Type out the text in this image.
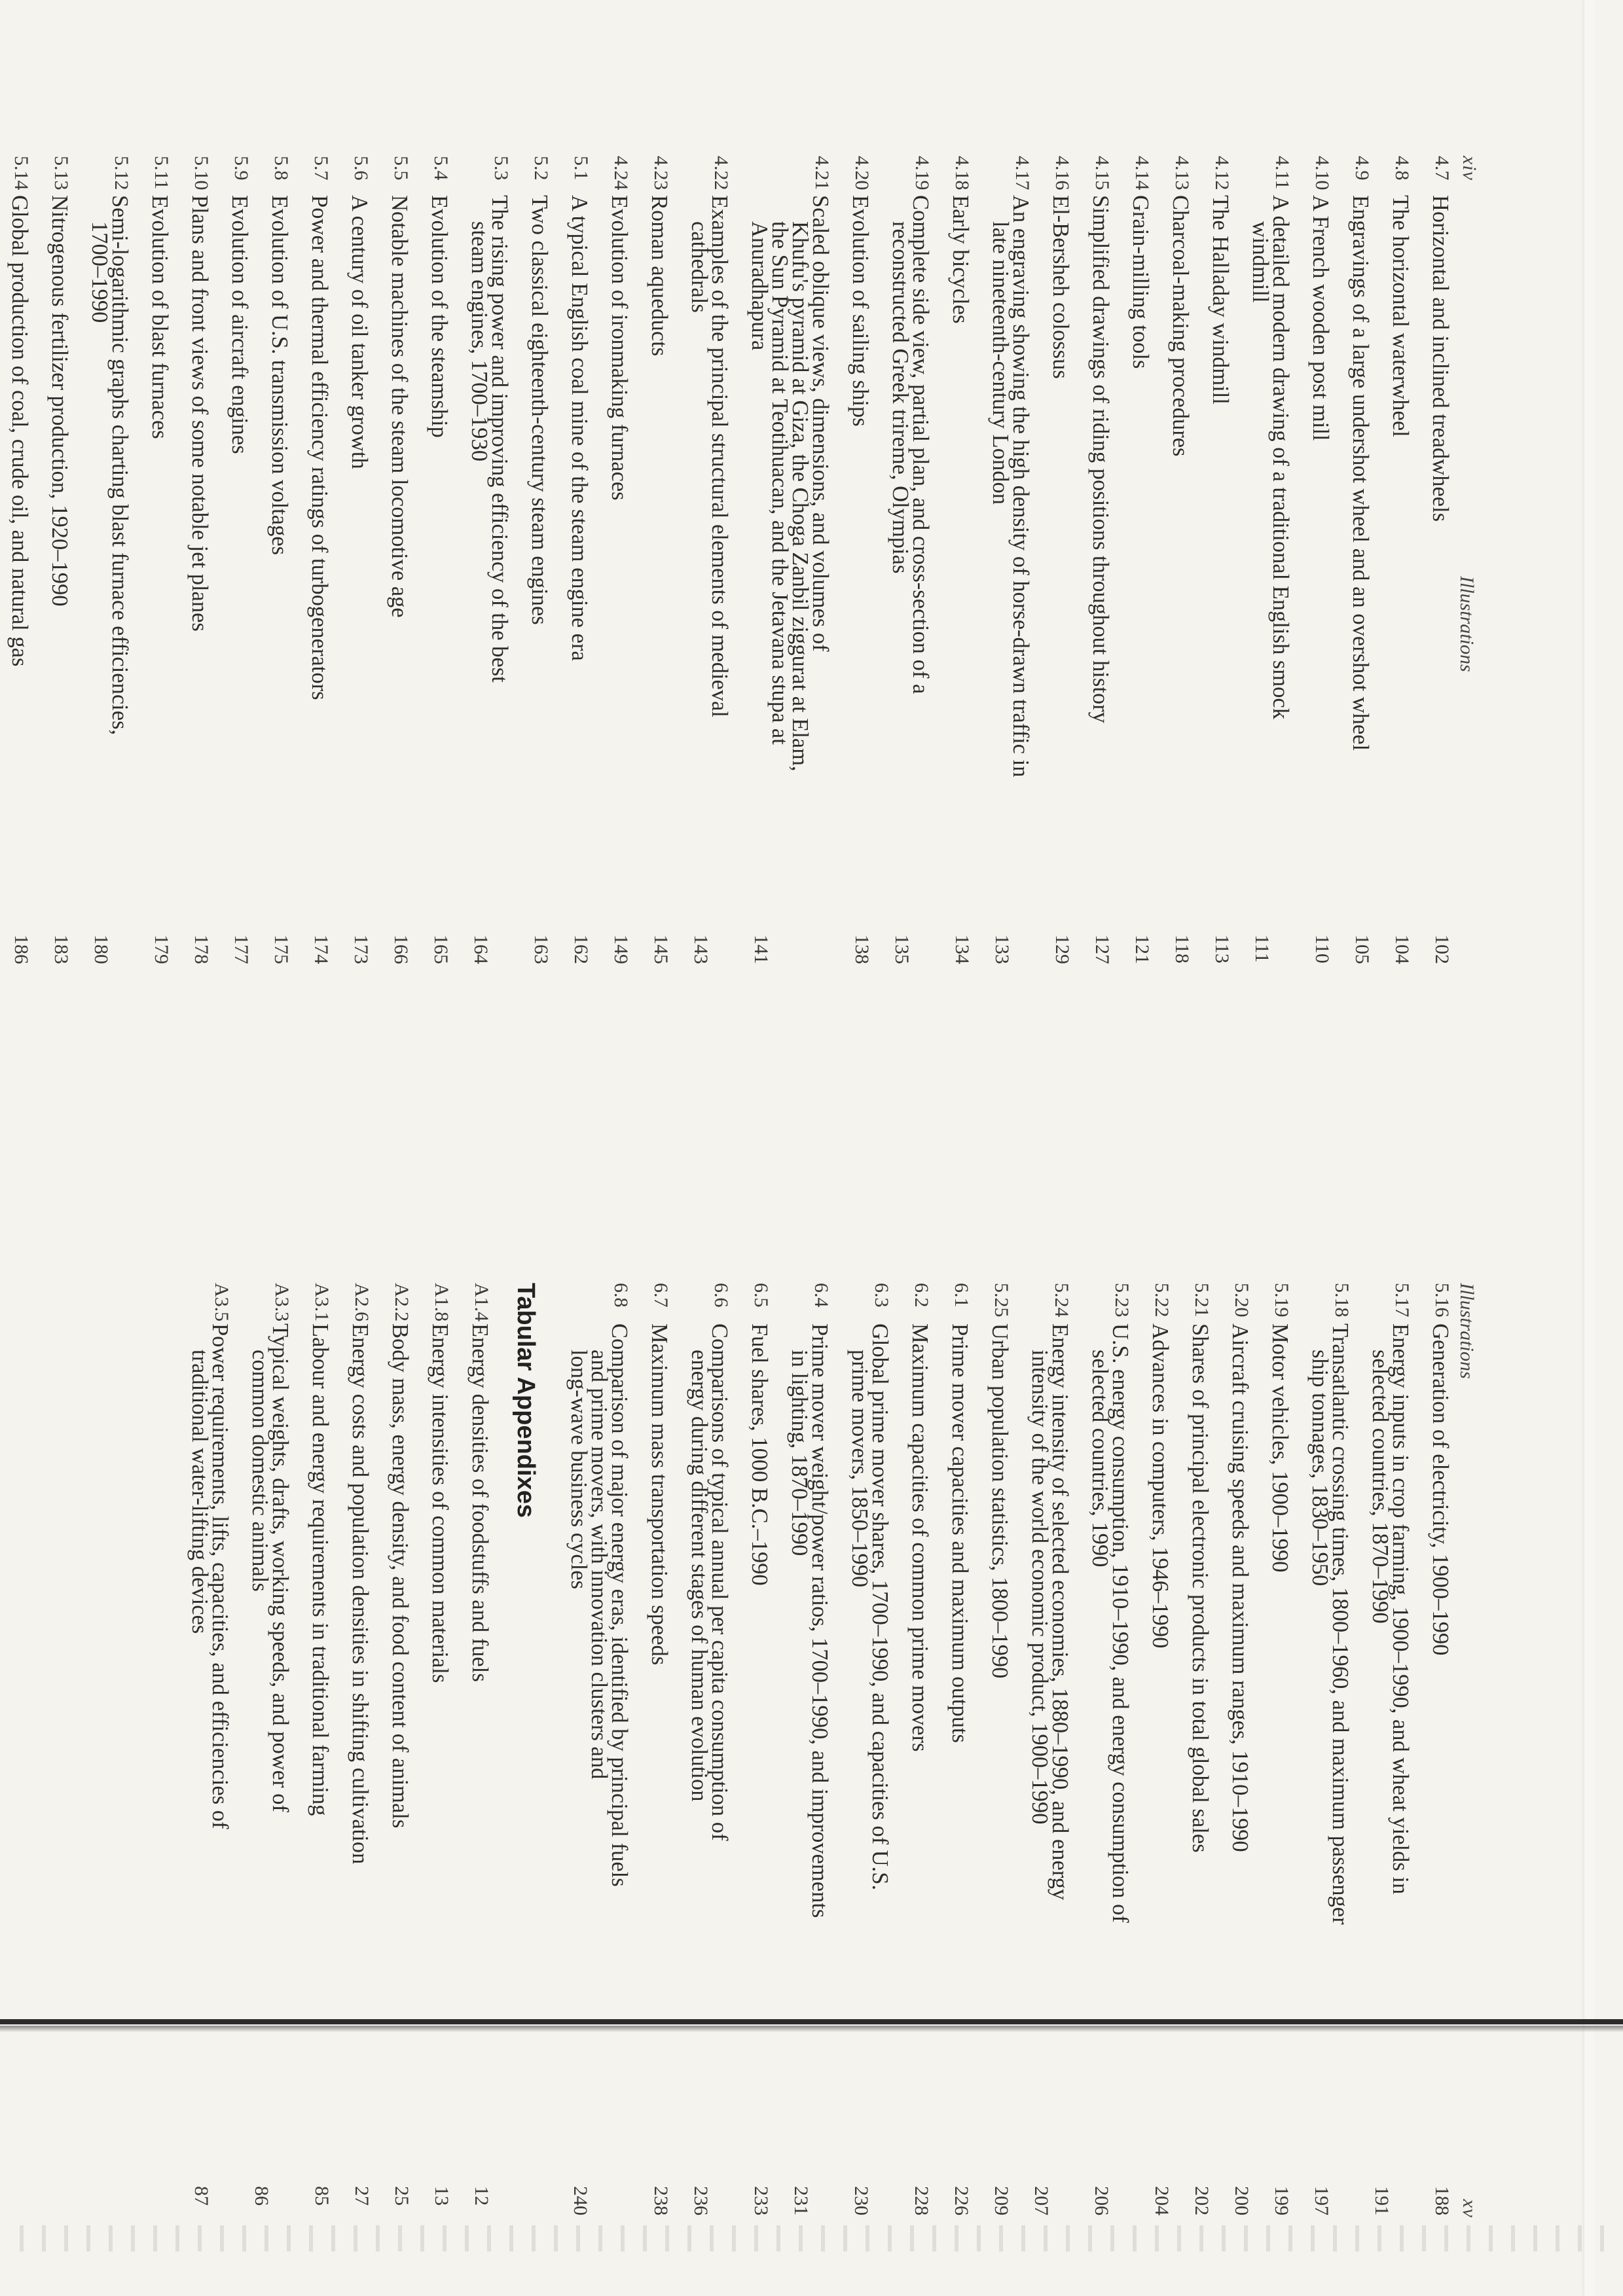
xiv
Illustrations
4.7
Horizontal and inclined treadwheels
102
4.8
The horizontal waterwheel
104
4.9
Engravings of a large undershot wheel and an overshot wheel
105
4.10
A French wooden post mill
110
4.11
A detailed modern drawing of a traditional English smock
windmill
111
4.12
The Halladay windmill
113
4.13
Charcoal-making procedures
118
4.14
Grain-milling tools
121
4.15
Simplified drawings of riding positions throughout history
127
4.16
El-Bersheh colossus
129
4.17
An engraving showing the high density of horse-drawn traffic in
late nineteenth-century London
133
4.18
Early bicycles
134
4.19
Complete side view, partial plan, and cross-section of a
reconstructed Greek trireme, Olympias
135
4.20
Evolution of sailing ships
138
4.21
Scaled oblique views, dimensions, and volumes of
Khufu's pyramid at Giza, the Choga Zanbil ziggurat at Elam,
the Sun Pyramid at Teotihuacan, and the Jetavana stupa at
Anuradhapura
141
4.22
Examples of the principal structural elements of medieval
cathedrals
143
4.23
Roman aqueducts
145
4.24
Evolution of ironmaking furnaces
149
5.1
A typical English coal mine of the steam engine era
162
5.2
Two classical eighteenth-century steam engines
163
5.3
The rising power and improving efficiency of the best
steam engines, 1700–1930
164
5.4
Evolution of the steamship
165
5.5
Notable machines of the steam locomotive age
166
5.6
A century of oil tanker growth
173
5.7
Power and thermal efficiency ratings of turbogenerators
174
5.8
Evolution of U.S. transmission voltages
175
5.9
Evolution of aircraft engines
177
5.10
Plans and front views of some notable jet planes
178
5.11
Evolution of blast furnaces
179
5.12
Semi-logarithmic graphs charting blast furnace efficiencies,
1700–1990
180
5.13
Nitrogenous fertilizer production, 1920–1990
183
5.14
Global production of coal, crude oil, and natural gas
186
Illustrations
xv
5.16
Generation of electricity, 1900–1990
188
5.17
Energy inputs in crop farming, 1900–1990, and wheat yields in
selected countries, 1870–1990
191
5.18
Transatlantic crossing times, 1800–1960, and maximum passenger
ship tonnages, 1830–1950
197
5.19
Motor vehicles, 1900–1990
199
5.20
Aircraft cruising speeds and maximum ranges, 1910–1990
200
5.21
Shares of principal electronic products in total global sales
202
5.22
Advances in computers, 1946–1990
204
5.23
U.S. energy consumption, 1910–1990, and energy consumption of
selected countries, 1990
206
5.24
Energy intensity of selected economies, 1880–1990, and energy
intensity of the world economic product, 1900–1990
207
5.25
Urban population statistics, 1800–1990
209
6.1
Prime mover capacities and maximum outputs
226
6.2
Maximum capacities of common prime movers
228
6.3
Global prime mover shares, 1700–1990, and capacities of U.S.
prime movers, 1850–1990
230
6.4
Prime mover weight/power ratios, 1700–1990, and improvements
in lighting, 1870–1990
231
6.5
Fuel shares, 1000 B.C.–1990
233
6.6
Comparisons of typical annual per capita consumption of
energy during different stages of human evolution
236
6.7
Maximum mass transportation speeds
238
6.8
Comparison of major energy eras, identified by principal fuels
and prime movers, with innovation clusters and
long-wave business cycles
240
Tabular Appendixes
A1.4
Energy densities of foodstuffs and fuels
12
A1.8
Energy intensities of common materials
13
A2.2
Body mass, energy density, and food content of animals
25
A2.6
Energy costs and population densities in shifting cultivation
27
A3.1
Labour and energy requirements in traditional farming
85
A3.3
Typical weights, drafts, working speeds, and power of
common domestic animals
86
A3.5
Power requirements, lifts, capacities, and efficiencies of
traditional water-lifting devices
87
